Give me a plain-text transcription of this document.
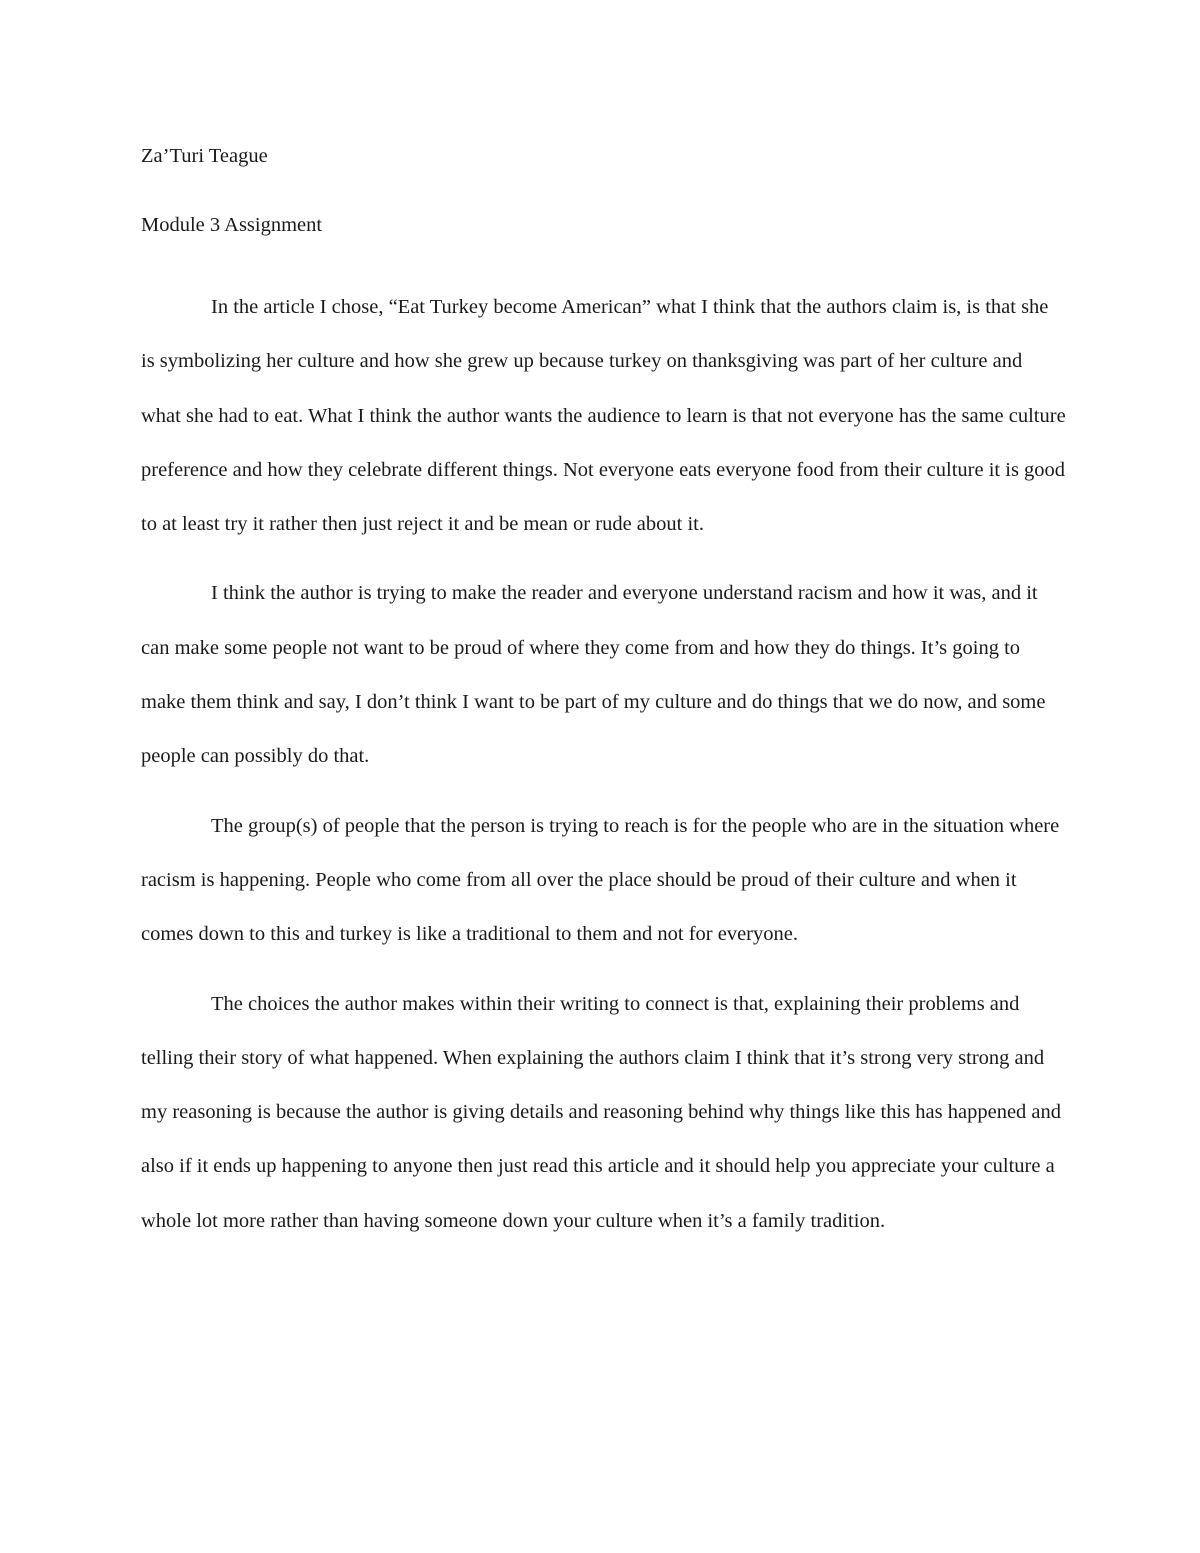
Za’Turi Teague

Module 3 Assignment

In the article I chose, “Eat Turkey become American” what I think that the authors claim is, is that she is symbolizing her culture and how she grew up because turkey on thanksgiving was part of her culture and what she had to eat. What I think the author wants the audience to learn is that not everyone has the same culture preference and how they celebrate different things. Not everyone eats everyone food from their culture it is good to at least try it rather then just reject it and be mean or rude about it.

I think the author is trying to make the reader and everyone understand racism and how it was, and it can make some people not want to be proud of where they come from and how they do things. It’s going to make them think and say, I don’t think I want to be part of my culture and do things that we do now, and some people can possibly do that.

The group(s) of people that the person is trying to reach is for the people who are in the situation where racism is happening. People who come from all over the place should be proud of their culture and when it comes down to this and turkey is like a traditional to them and not for everyone.

The choices the author makes within their writing to connect is that, explaining their problems and telling their story of what happened. When explaining the authors claim I think that it’s strong very strong and my reasoning is because the author is giving details and reasoning behind why things like this has happened and also if it ends up happening to anyone then just read this article and it should help you appreciate your culture a whole lot more rather than having someone down your culture when it’s a family tradition.
